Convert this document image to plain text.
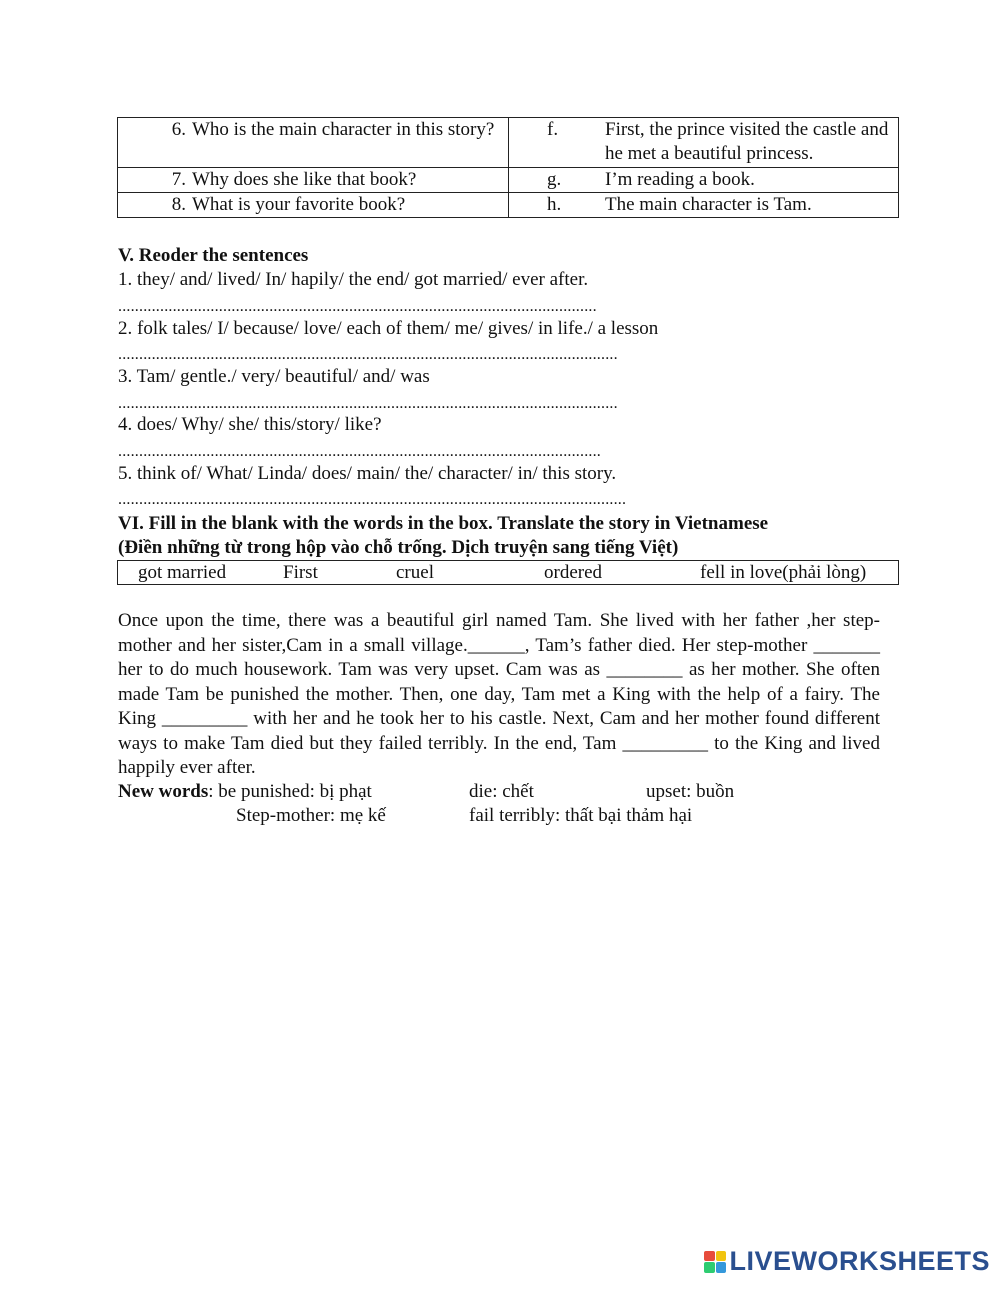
6. Who is the main character in this story?	f. First, the prince visited the castle and he met a beautiful princess.

7. Why does she like that book?	g. I’m reading a book.

8. What is your favorite book?	h. The main character is Tam.
V. Reoder the sentences
1. they/ and/ lived/ In/ hapily/ the end/ got married/ ever after.
..................................................................................................................
2. folk tales/ I/ because/ love/ each of them/ me/ gives/ in life./ a lesson
.......................................................................................................................
3. Tam/ gentle./ very/ beautiful/ and/ was
.......................................................................................................................
4. does/ Why/ she/ this/story/ like?
...................................................................................................................
5. think of/ What/ Linda/ does/ main/ the/ character/ in/ this story.
.........................................................................................................................
VI. Fill in the blank with the words in the box. Translate the story in Vietnamese
(Điền những từ trong hộp vào chỗ trống. Dịch truyện sang tiếng Việt)
got married	First	cruel	ordered	fell in love(phải lòng)

Once upon the time, there was a beautiful girl named Tam. She lived with her father ,her step-mother and her sister,Cam in a small village.______, Tam’s father died. Her step-mother _______ her to do much housework. Tam was very upset. Cam was as ________ as her mother. She often made Tam be punished the mother. Then, one day, Tam met a King with the help of a fairy. The King _________ with her and he took her to his castle. Next, Cam and her mother found different ways to make Tam died but they failed terribly. In the end, Tam _________ to the King and lived happily ever after.

New words: be punished: bị phạt	die: chết	upset: buồn
Step-mother: mẹ kế	fail terribly: thất bại thảm hại
LIVEWORKSHEETS
